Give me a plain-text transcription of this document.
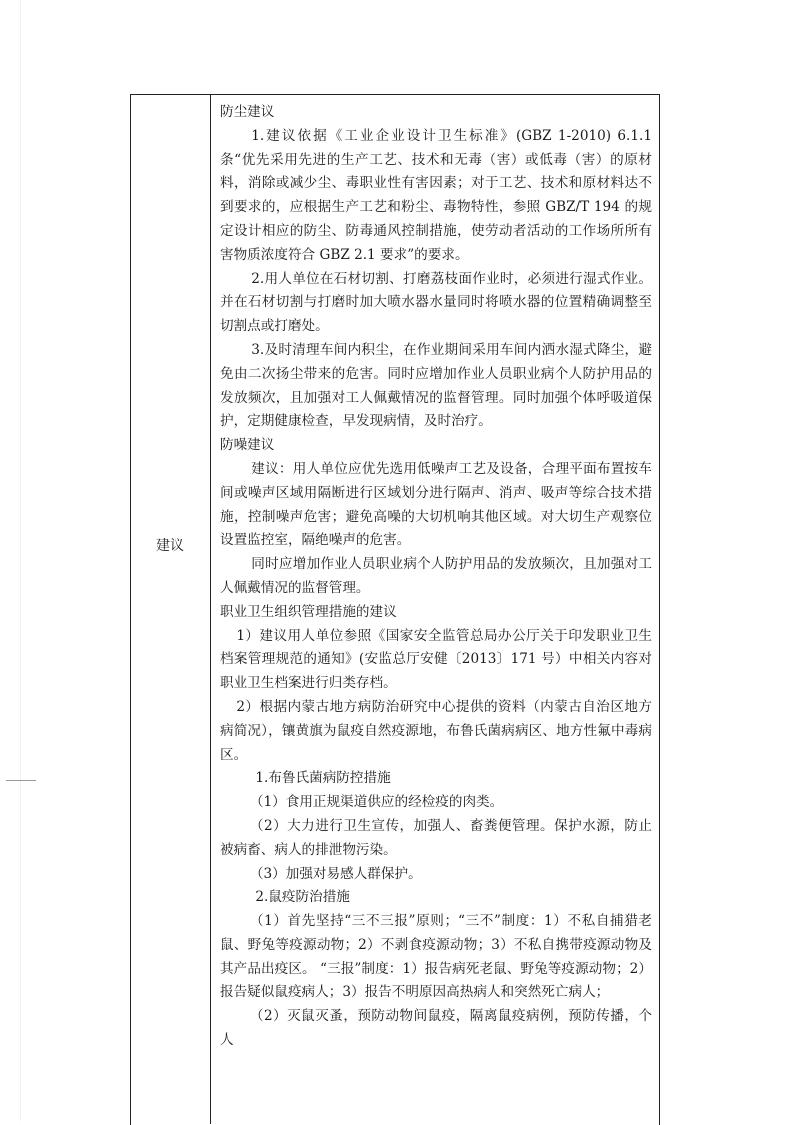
建议

防尘建议

1.建议依据《工业企业设计卫生标准》(GBZ 1-2010) 6.1.1 条“优先采用先进的生产工艺、技术和无毒（害）或低毒（害）的原材料，消除或减少尘、毒职业性有害因素；对于工艺、技术和原材料达不到要求的，应根据生产工艺和粉尘、毒物特性，参照 GBZ/T 194 的规定设计相应的防尘、防毒通风控制措施，使劳动者活动的工作场所所有害物质浓度符合 GBZ 2.1 要求”的要求。

2.用人单位在石材切割、打磨荔枝面作业时，必须进行湿式作业。并在石材切割与打磨时加大喷水器水量同时将喷水器的位置精确调整至切割点或打磨处。

3.及时清理车间内积尘，在作业期间采用车间内洒水湿式降尘，避免由二次扬尘带来的危害。同时应增加作业人员职业病个人防护用品的发放频次，且加强对工人佩戴情况的监督管理。同时加强个体呼吸道保护，定期健康检查，早发现病情，及时治疗。

防噪建议

建议：用人单位应优先选用低噪声工艺及设备，合理平面布置按车间或噪声区域用隔断进行区域划分进行隔声、消声、吸声等综合技术措施，控制噪声危害；避免高噪的大切机响其他区域。对大切生产观察位设置监控室，隔绝噪声的危害。

同时应增加作业人员职业病个人防护用品的发放频次，且加强对工人佩戴情况的监督管理。

职业卫生组织管理措施的建议

1）建议用人单位参照《国家安全监管总局办公厅关于印发职业卫生档案管理规范的通知》(安监总厅安健〔2013〕171 号）中相关内容对职业卫生档案进行归类存档。

2）根据内蒙古地方病防治研究中心提供的资料（内蒙古自治区地方病简况），镶黄旗为鼠疫自然疫源地，布鲁氏菌病病区、地方性氟中毒病区。

1.布鲁氏菌病防控措施

（1）食用正规渠道供应的经检疫的肉类。

（2）大力进行卫生宣传，加强人、畜粪便管理。保护水源，防止被病畜、病人的排泄物污染。

（3）加强对易感人群保护。

2.鼠疫防治措施

（1）首先坚持“三不三报”原则；“三不”制度：1）不私自捕猎老鼠、野兔等疫源动物；2）不剥食疫源动物；3）不私自携带疫源动物及其产品出疫区。 “三报”制度：1）报告病死老鼠、野兔等疫源动物；2）报告疑似鼠疫病人；3）报告不明原因高热病人和突然死亡病人；

（2）灭鼠灭蚤，预防动物间鼠疫，隔离鼠疫病例，预防传播，个人
